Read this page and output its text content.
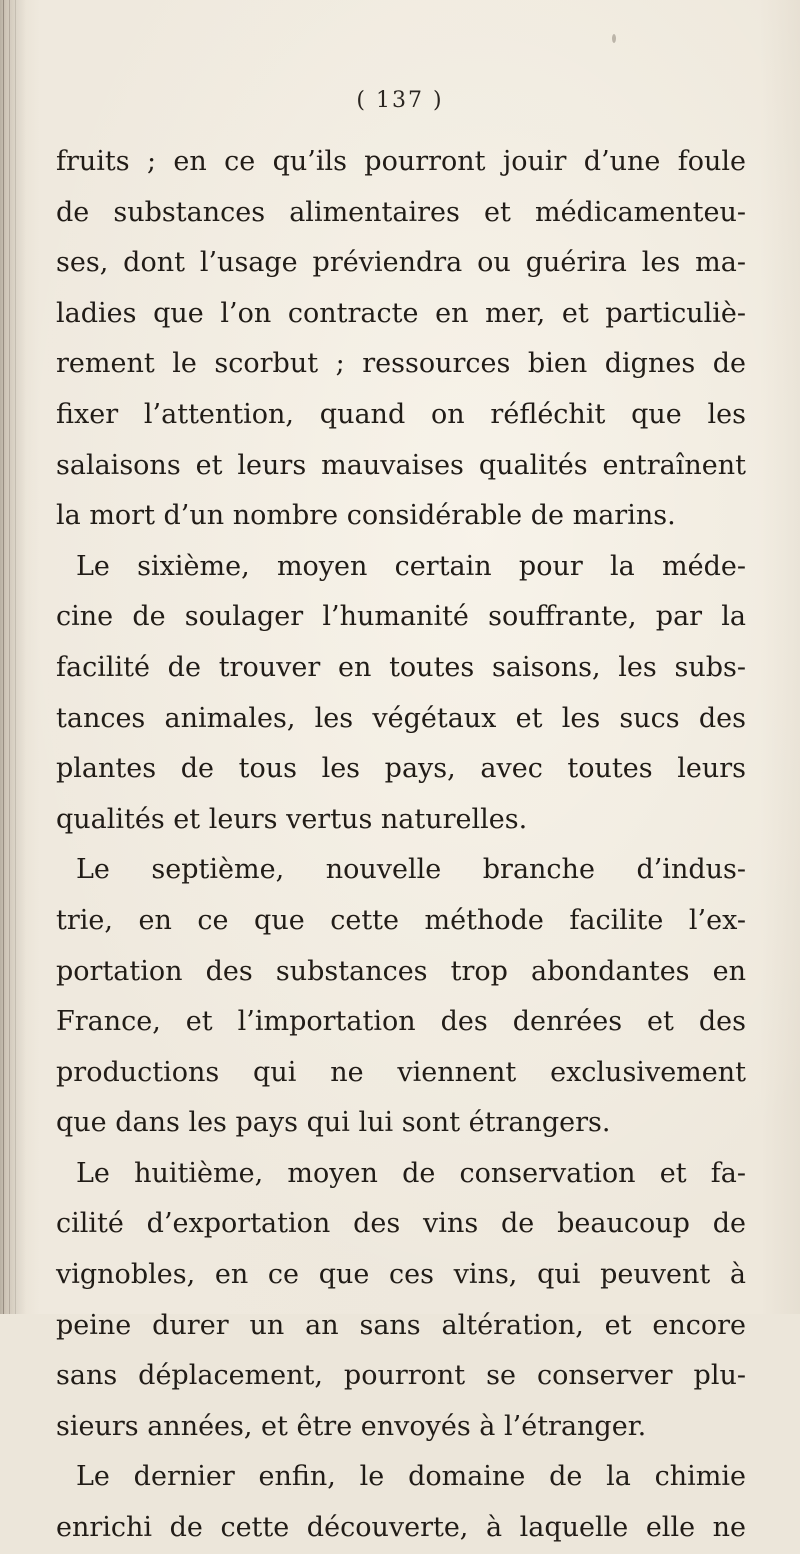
( 137 )
fruits ; en ce qu’ils pourront jouir d’une foule
de substances alimentaires et médicamenteu-
ses, dont l’usage préviendra ou guérira les ma-
ladies que l’on contracte en mer, et particuliè-
rement le scorbut ; ressources bien dignes de
fixer l’attention, quand on réfléchit que les
salaisons et leurs mauvaises qualités entraînent
la mort d’un nombre considérable de marins.
Le sixième, moyen certain pour la méde-
cine de soulager l’humanité souffrante, par la
facilité de trouver en toutes saisons, les subs-
tances animales, les végétaux et les sucs des
plantes de tous les pays, avec toutes leurs
qualités et leurs vertus naturelles.
Le septième, nouvelle branche d’indus-
trie, en ce que cette méthode facilite l’ex-
portation des substances trop abondantes en
France, et l’importation des denrées et des
productions qui ne viennent exclusivement
que dans les pays qui lui sont étrangers.
Le huitième, moyen de conservation et fa-
cilité d’exportation des vins de beaucoup de
vignobles, en ce que ces vins, qui peuvent à
peine durer un an sans altération, et encore
sans déplacement, pourront se conserver plu-
sieurs années, et être envoyés à l’étranger.
Le dernier enfin, le domaine de la chimie
enrichi de cette découverte, à laquelle elle ne
